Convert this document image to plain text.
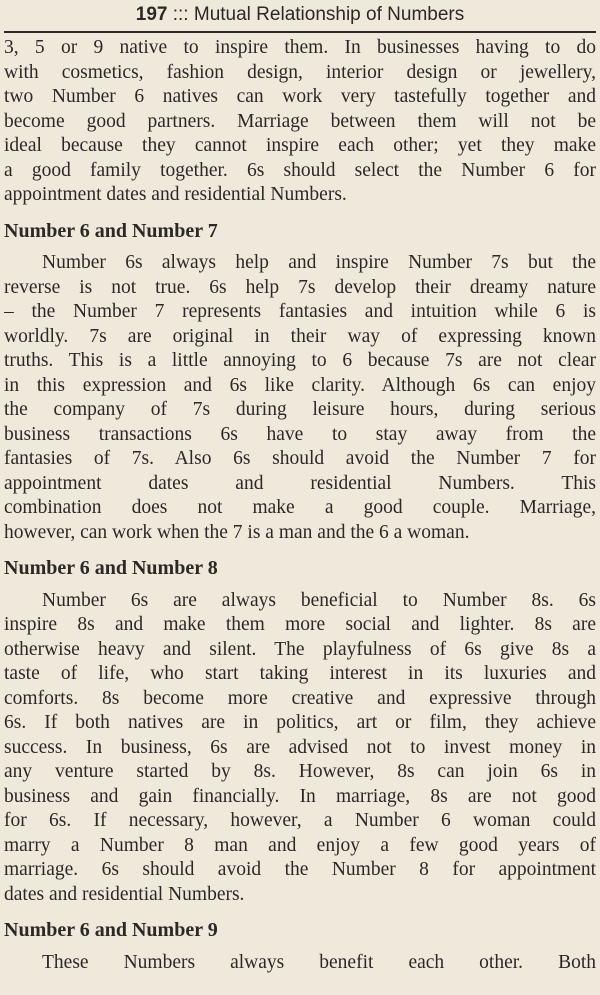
197 ::: Mutual Relationship of Numbers
3, 5 or 9 native to inspire them. In businesses having to do
with cosmetics, fashion design, interior design or jewellery,
two Number 6 natives can work very tastefully together and
become good partners. Marriage between them will not be
ideal because they cannot inspire each other; yet they make
a good family together. 6s should select the Number 6 for
appointment dates and residential Numbers.
Number 6 and Number 7
Number 6s always help and inspire Number 7s but the
reverse is not true. 6s help 7s develop their dreamy nature
– the Number 7 represents fantasies and intuition while 6 is
worldly. 7s are original in their way of expressing known
truths. This is a little annoying to 6 because 7s are not clear
in this expression and 6s like clarity. Although 6s can enjoy
the company of 7s during leisure hours, during serious
business transactions 6s have to stay away from the
fantasies of 7s. Also 6s should avoid the Number 7 for
appointment dates and residential Numbers. This
combination does not make a good couple. Marriage,
however, can work when the 7 is a man and the 6 a woman.
Number 6 and Number 8
Number 6s are always beneficial to Number 8s. 6s
inspire 8s and make them more social and lighter. 8s are
otherwise heavy and silent. The playfulness of 6s give 8s a
taste of life, who start taking interest in its luxuries and
comforts. 8s become more creative and expressive through
6s. If both natives are in politics, art or film, they achieve
success. In business, 6s are advised not to invest money in
any venture started by 8s. However, 8s can join 6s in
business and gain financially. In marriage, 8s are not good
for 6s. If necessary, however, a Number 6 woman could
marry a Number 8 man and enjoy a few good years of
marriage. 6s should avoid the Number 8 for appointment
dates and residential Numbers.
Number 6 and Number 9
These Numbers always benefit each other. Both
